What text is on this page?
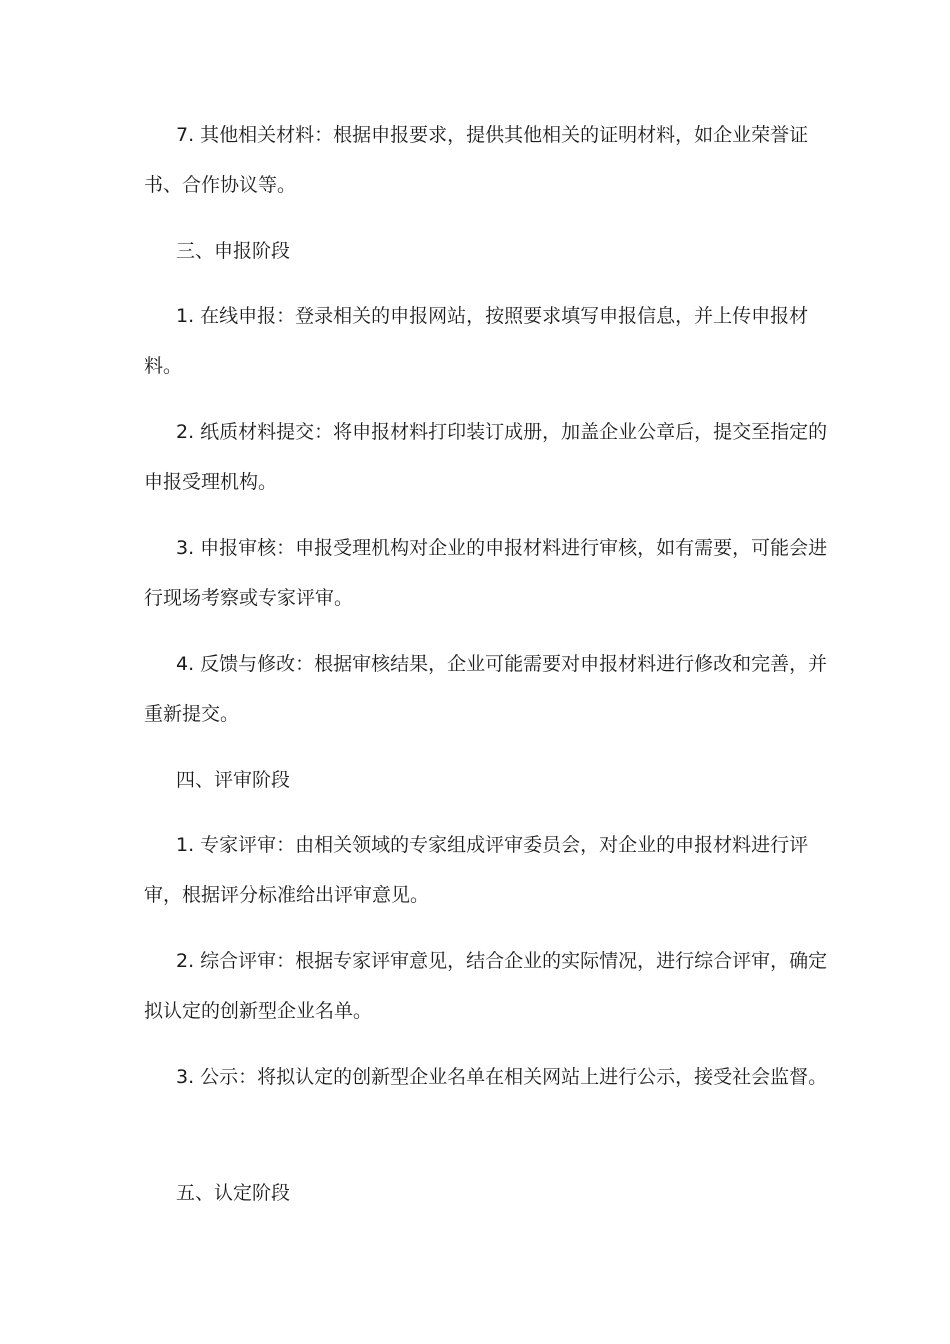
7. 其他相关材料：根据申报要求，提供其他相关的证明材料，如企业荣誉证书、合作协议等。

三、申报阶段

1. 在线申报：登录相关的申报网站，按照要求填写申报信息，并上传申报材料。

2. 纸质材料提交：将申报材料打印装订成册，加盖企业公章后，提交至指定的申报受理机构。

3. 申报审核：申报受理机构对企业的申报材料进行审核，如有需要，可能会进行现场考察或专家评审。

4. 反馈与修改：根据审核结果，企业可能需要对申报材料进行修改和完善，并重新提交。

四、评审阶段

1. 专家评审：由相关领域的专家组成评审委员会，对企业的申报材料进行评审，根据评分标准给出评审意见。

2. 综合评审：根据专家评审意见，结合企业的实际情况，进行综合评审，确定拟认定的创新型企业名单。

3. 公示：将拟认定的创新型企业名单在相关网站上进行公示，接受社会监督。

五、认定阶段
